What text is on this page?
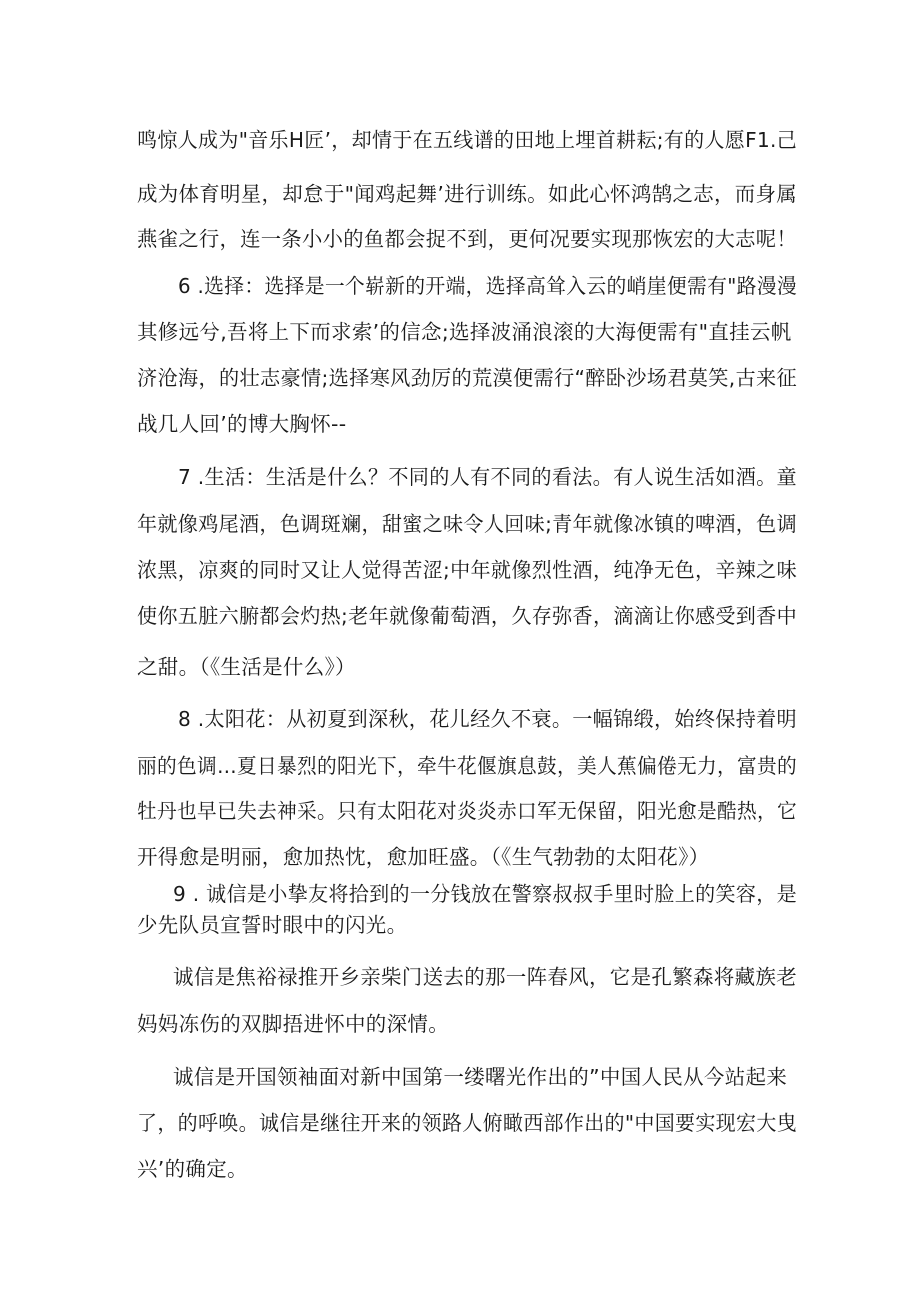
鸣惊人成为"音乐H匠’，却情于在五线谱的田地上埋首耕耘;有的人愿F1.己
成为体育明星，却怠于"闻鸡起舞’进行训练。如此心怀鸿鹄之志，而身属
燕雀之行，连一条小小的鱼都会捉不到，更何况要实现那恢宏的大志呢！
6 .选择：选择是一个崭新的开端，选择高耸入云的峭崖便需有"路漫漫
其修远兮,吾将上下而求索’的信念;选择波涌浪滚的大海便需有"直挂云帆
济沧海，的壮志豪情;选择寒风劲厉的荒漠便需行“醉卧沙场君莫笑,古来征
战几人回’的博大胸怀--
7 .生活：生活是什么？不同的人有不同的看法。有人说生活如酒。童
年就像鸡尾酒，色调斑斓，甜蜜之味令人回味;青年就像冰镇的啤酒，色调
浓黑，凉爽的同时又让人觉得苦涩;中年就像烈性酒，纯净无色，辛辣之味
使你五脏六腑都会灼热;老年就像葡萄酒，久存弥香，滴滴让你感受到香中
之甜。（《生活是什么》）
8 .太阳花：从初夏到深秋，花儿经久不衰。一幅锦缎，始终保持着明
丽的色调…夏日暴烈的阳光下，牵牛花偃旗息鼓，美人蕉偏倦无力，富贵的
牡丹也早已失去神采。只有太阳花对炎炎赤口军无保留，阳光愈是酷热，它
开得愈是明丽，愈加热忱，愈加旺盛。（《生气勃勃的太阳花》）
9 . 诚信是小挚友将拾到的一分钱放在警察叔叔手里时脸上的笑容，是
少先队员宣誓时眼中的闪光。
诚信是焦裕禄推开乡亲柴门送去的那一阵春风，它是孔繁森将藏族老
妈妈冻伤的双脚捂进怀中的深情。
诚信是开国领袖面对新中国第一缕曙光作出的”中国人民从今站起来
了，的呼唤。诚信是继往开来的领路人俯瞰西部作出的"中国要实现宏大曳
兴’的确定。
